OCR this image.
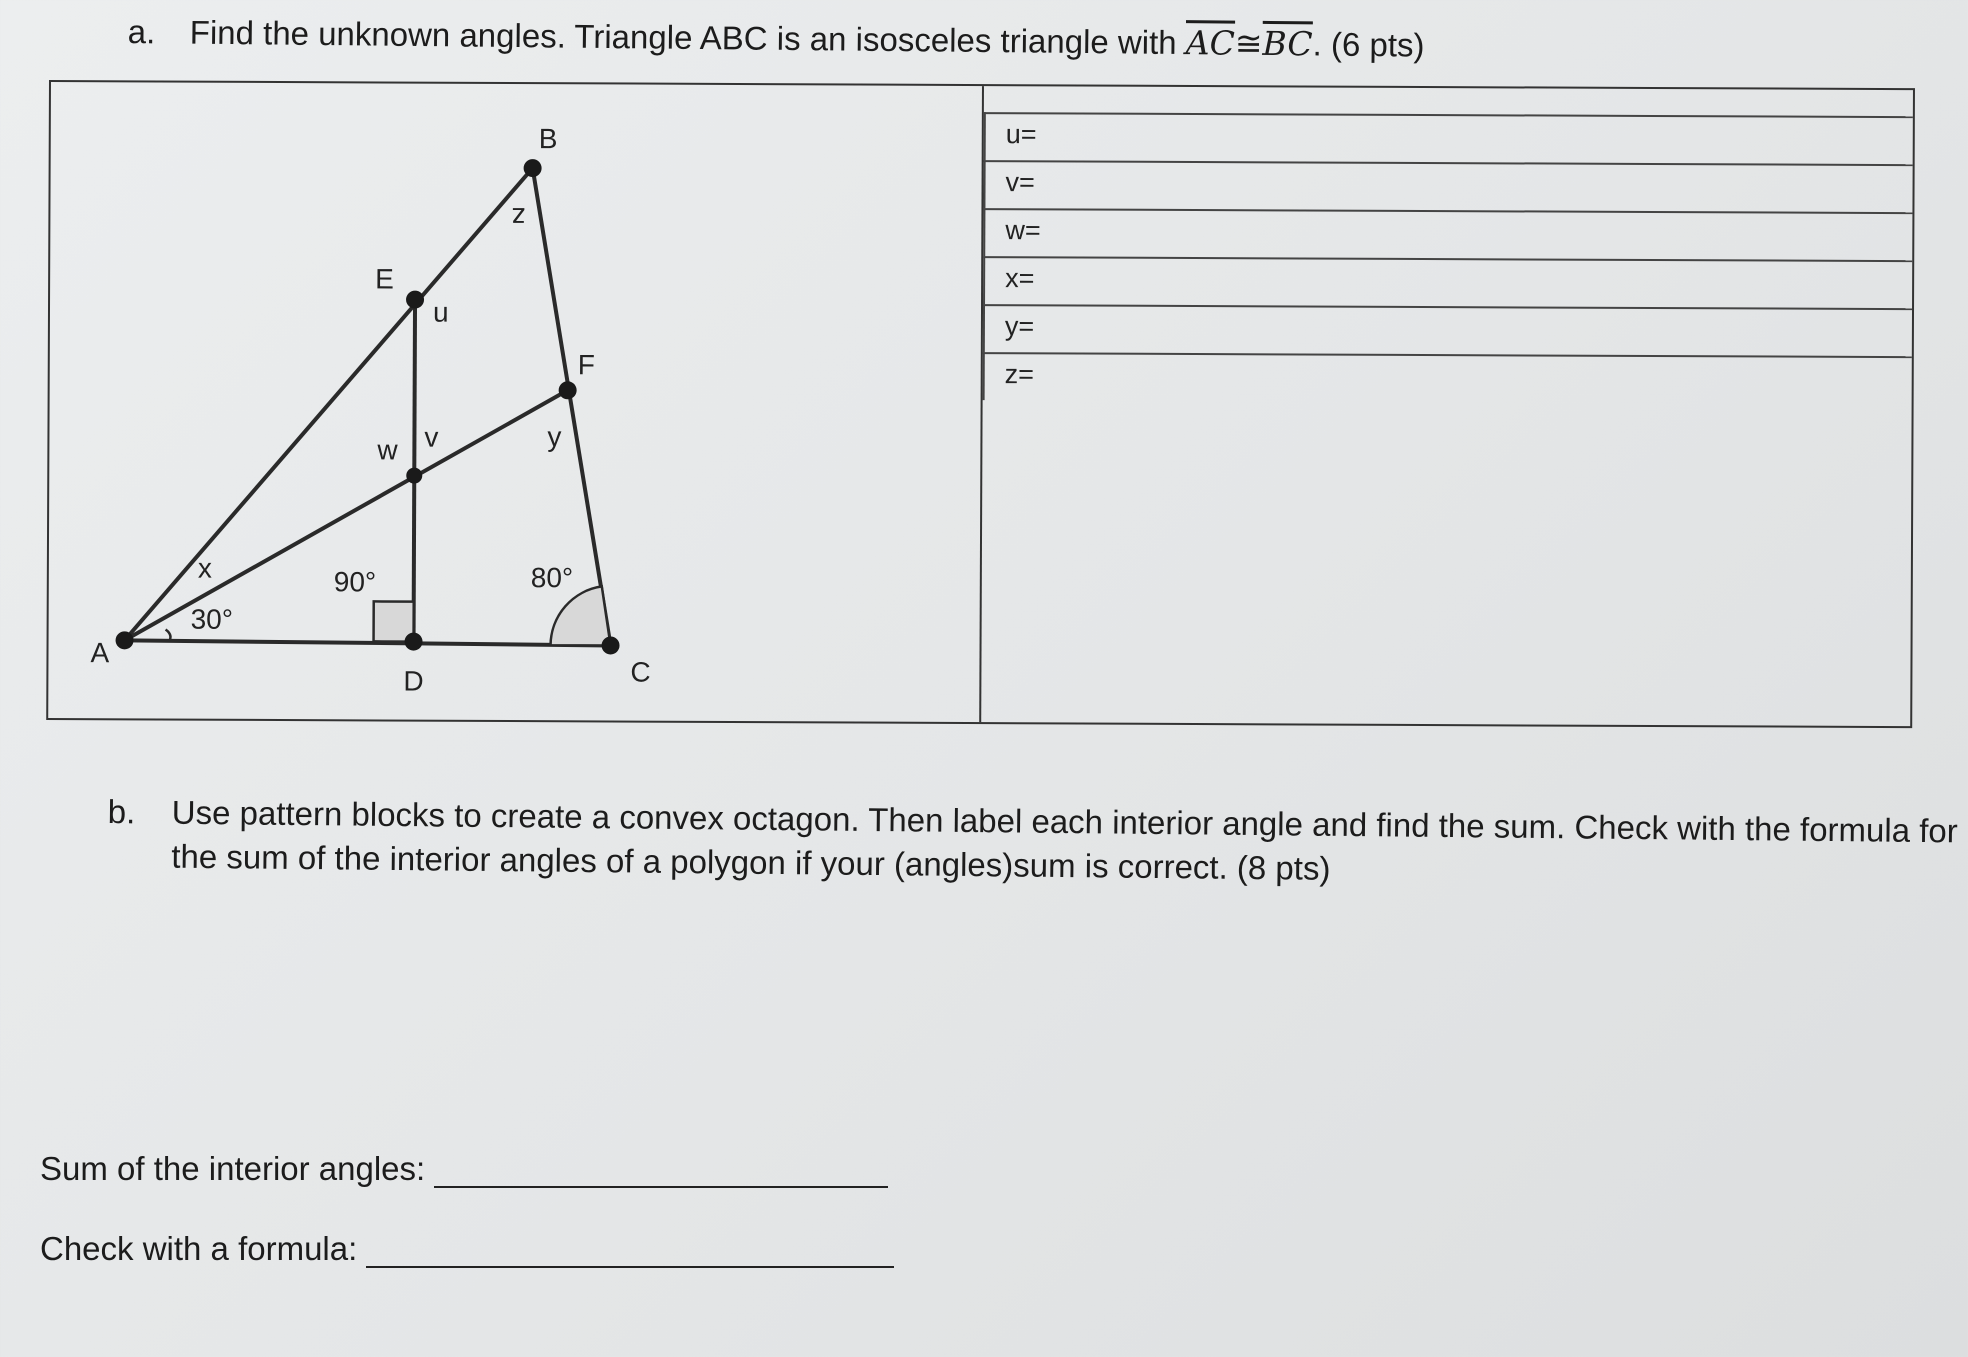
a. Find the unknown angles. Triangle ABC is an isosceles triangle with $\overline{AC}≅\overline{BC}$. (6 pts)
A
B
C
D
E
F
u
v
w
x
y
z
30°
90°	80°
u=
v=
w=
x=
y=
z=
b. Use pattern blocks to create a convex octagon. Then label each interior angle and find the sum. Check with the formula for the sum of the interior angles of a polygon if your (angles)sum is correct. (8 pts)
Sum of the interior angles:
Check with a formula:
